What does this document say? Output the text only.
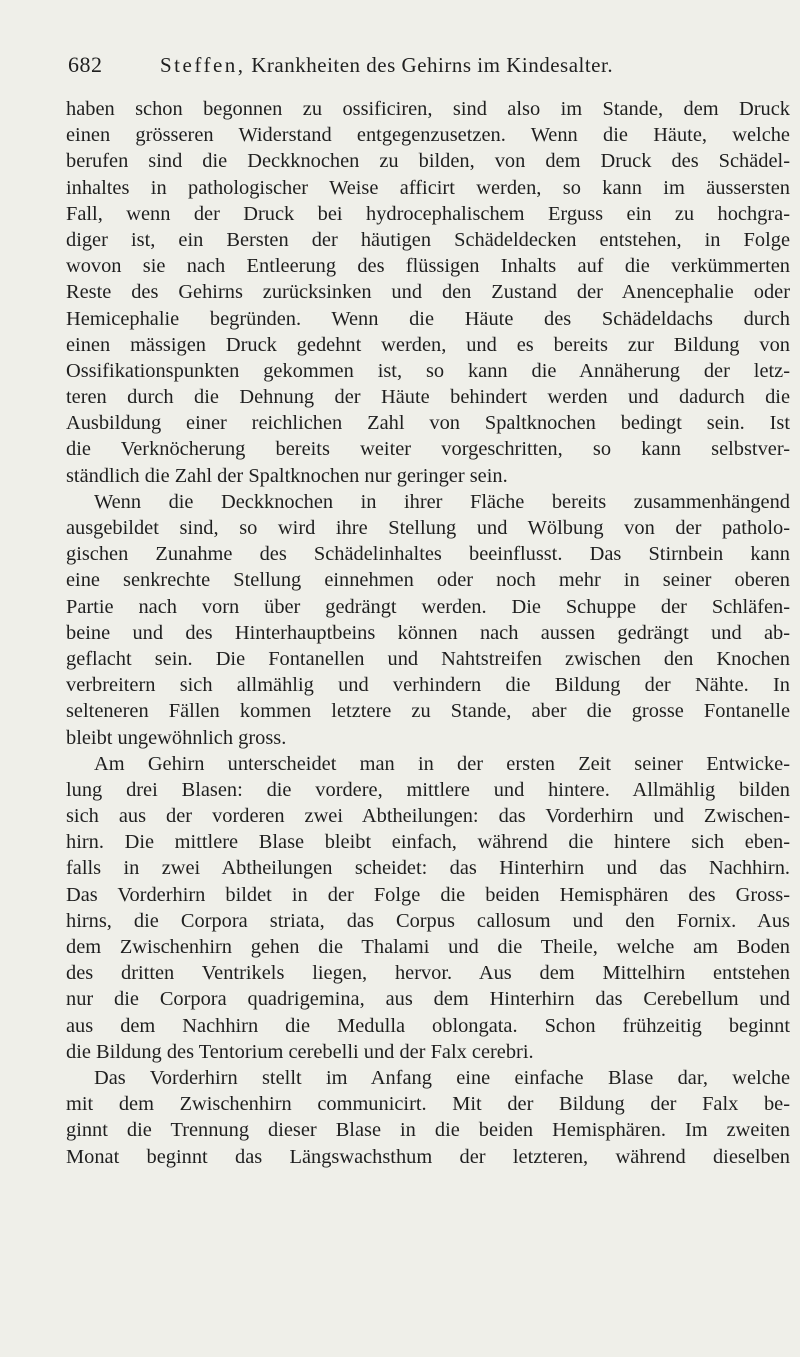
682	Steffen, Krankheiten des Gehirns im Kindesalter.
haben schon begonnen zu ossificiren, sind also im Stande, dem Druck
einen grösseren Widerstand entgegenzusetzen. Wenn die Häute, welche
berufen sind die Deckknochen zu bilden, von dem Druck des Schädel-
inhaltes in pathologischer Weise afficirt werden, so kann im äussersten
Fall, wenn der Druck bei hydrocephalischem Erguss ein zu hochgra-
diger ist, ein Bersten der häutigen Schädeldecken entstehen, in Folge
wovon sie nach Entleerung des flüssigen Inhalts auf die verkümmerten
Reste des Gehirns zurücksinken und den Zustand der Anencephalie oder
Hemicephalie begründen. Wenn die Häute des Schädeldachs durch
einen mässigen Druck gedehnt werden, und es bereits zur Bildung von
Ossifikationspunkten gekommen ist, so kann die Annäherung der letz-
teren durch die Dehnung der Häute behindert werden und dadurch die
Ausbildung einer reichlichen Zahl von Spaltknochen bedingt sein. Ist
die Verknöcherung bereits weiter vorgeschritten, so kann selbstver-
ständlich die Zahl der Spaltknochen nur geringer sein.
Wenn die Deckknochen in ihrer Fläche bereits zusammenhängend
ausgebildet sind, so wird ihre Stellung und Wölbung von der patholo-
gischen Zunahme des Schädelinhaltes beeinflusst. Das Stirnbein kann
eine senkrechte Stellung einnehmen oder noch mehr in seiner oberen
Partie nach vorn über gedrängt werden. Die Schuppe der Schläfen-
beine und des Hinterhauptbeins können nach aussen gedrängt und ab-
geflacht sein. Die Fontanellen und Nahtstreifen zwischen den Knochen
verbreitern sich allmählig und verhindern die Bildung der Nähte. In
selteneren Fällen kommen letztere zu Stande, aber die grosse Fontanelle
bleibt ungewöhnlich gross.
Am Gehirn unterscheidet man in der ersten Zeit seiner Entwicke-
lung drei Blasen: die vordere, mittlere und hintere. Allmählig bilden
sich aus der vorderen zwei Abtheilungen: das Vorderhirn und Zwischen-
hirn. Die mittlere Blase bleibt einfach, während die hintere sich eben-
falls in zwei Abtheilungen scheidet: das Hinterhirn und das Nachhirn.
Das Vorderhirn bildet in der Folge die beiden Hemisphären des Gross-
hirns, die Corpora striata, das Corpus callosum und den Fornix. Aus
dem Zwischenhirn gehen die Thalami und die Theile, welche am Boden
des dritten Ventrikels liegen, hervor. Aus dem Mittelhirn entstehen
nur die Corpora quadrigemina, aus dem Hinterhirn das Cerebellum und
aus dem Nachhirn die Medulla oblongata. Schon frühzeitig beginnt
die Bildung des Tentorium cerebelli und der Falx cerebri.
Das Vorderhirn stellt im Anfang eine einfache Blase dar, welche
mit dem Zwischenhirn communicirt. Mit der Bildung der Falx be-
ginnt die Trennung dieser Blase in die beiden Hemisphären. Im zweiten
Monat beginnt das Längswachsthum der letzteren, während dieselben
